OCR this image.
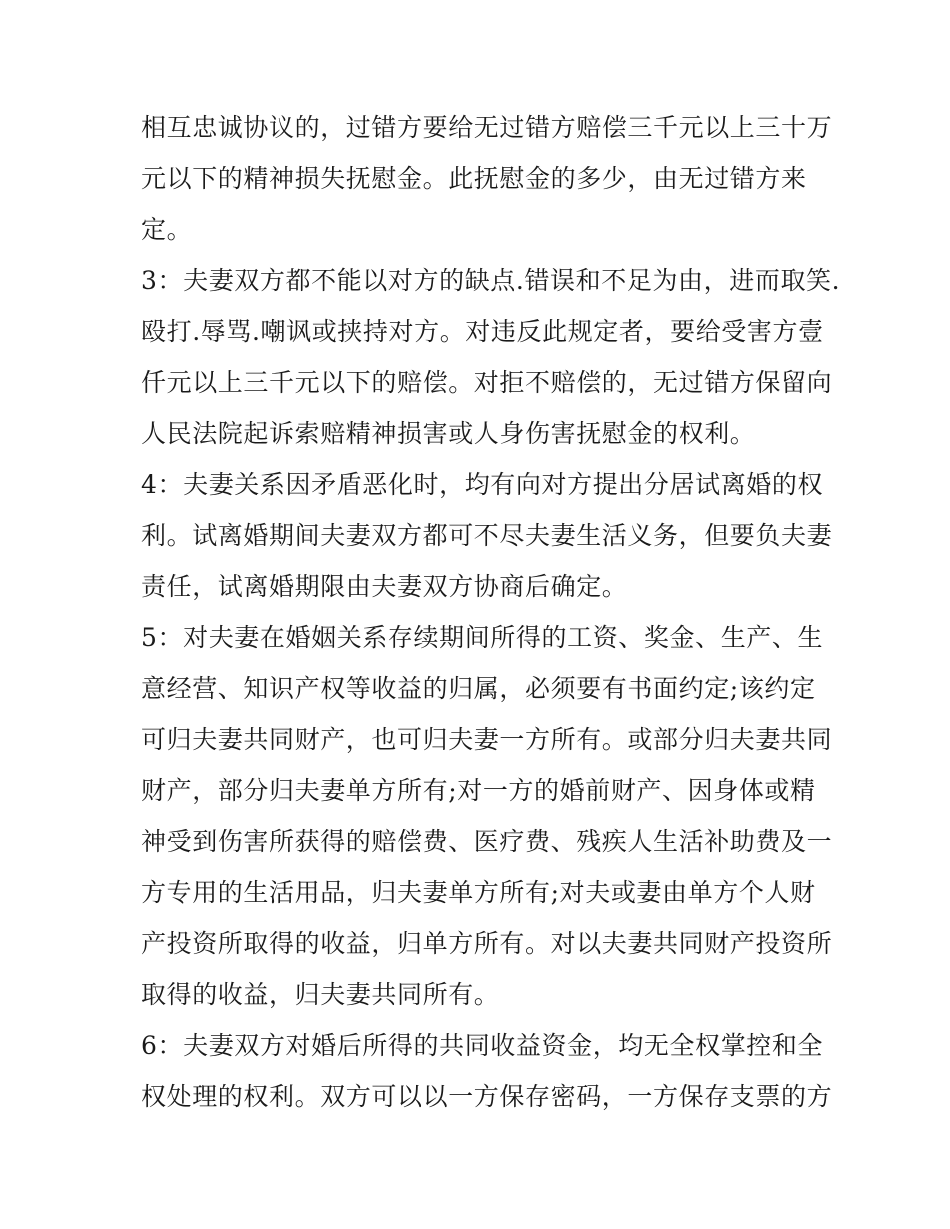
相互忠诚协议的，过错方要给无过错方赔偿三千元以上三十万
元以下的精神损失抚慰金。此抚慰金的多少，由无过错方来
定。
3：夫妻双方都不能以对方的缺点.错误和不足为由，进而取笑.
殴打.辱骂.嘲讽或挟持对方。对违反此规定者，要给受害方壹
仟元以上三千元以下的赔偿。对拒不赔偿的，无过错方保留向
人民法院起诉索赔精神损害或人身伤害抚慰金的权利。
4：夫妻关系因矛盾恶化时，均有向对方提出分居试离婚的权
利。试离婚期间夫妻双方都可不尽夫妻生活义务，但要负夫妻
责任，试离婚期限由夫妻双方协商后确定。
5：对夫妻在婚姻关系存续期间所得的工资、奖金、生产、生
意经营、知识产权等收益的归属，必须要有书面约定;该约定
可归夫妻共同财产，也可归夫妻一方所有。或部分归夫妻共同
财产，部分归夫妻单方所有;对一方的婚前财产、因身体或精
神受到伤害所获得的赔偿费、医疗费、残疾人生活补助费及一
方专用的生活用品，归夫妻单方所有;对夫或妻由单方个人财
产投资所取得的收益，归单方所有。对以夫妻共同财产投资所
取得的收益，归夫妻共同所有。
6：夫妻双方对婚后所得的共同收益资金，均无全权掌控和全
权处理的权利。双方可以以一方保存密码，一方保存支票的方
